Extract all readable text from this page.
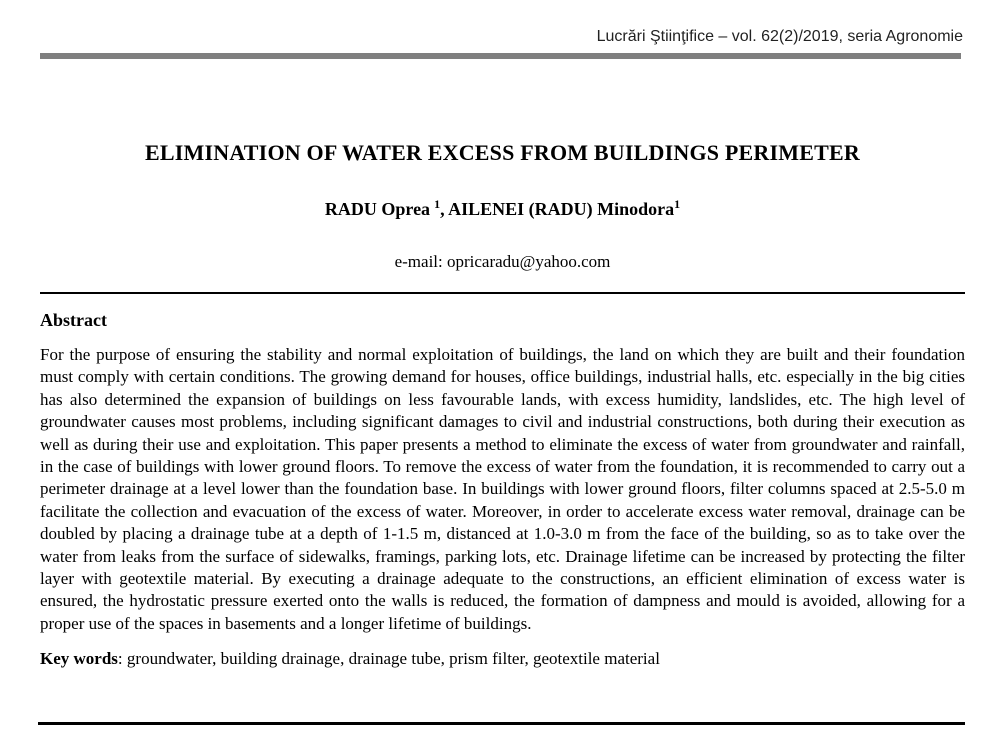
Lucrări Ştiinţifice – vol. 62(2)/2019, seria Agronomie
ELIMINATION OF WATER EXCESS FROM BUILDINGS PERIMETER
RADU Oprea $^1$, AILENEI (RADU) Minodora$^1$
e-mail: opricaradu@yahoo.com
Abstract
For the purpose of ensuring the stability and normal exploitation of buildings, the land on which they are built and their foundation must comply with certain conditions. The growing demand for houses, office buildings, industrial halls, etc. especially in the big cities has also determined the expansion of buildings on less favourable lands, with excess humidity, landslides, etc. The high level of groundwater causes most problems, including significant damages to civil and industrial constructions, both during their execution as well as during their use and exploitation. This paper presents a method to eliminate the excess of water from groundwater and rainfall, in the case of buildings with lower ground floors. To remove the excess of water from the foundation, it is recommended to carry out a perimeter drainage at a level lower than the foundation base. In buildings with lower ground floors, filter columns spaced at 2.5-5.0 m facilitate the collection and evacuation of the excess of water. Moreover, in order to accelerate excess water removal, drainage can be doubled by placing a drainage tube at a depth of 1-1.5 m, distanced at 1.0-3.0 m from the face of the building, so as to take over the water from leaks from the surface of sidewalks, framings, parking lots, etc. Drainage lifetime can be increased by protecting the filter layer with geotextile material. By executing a drainage adequate to the constructions, an efficient elimination of excess water is ensured, the hydrostatic pressure exerted onto the walls is reduced, the formation of dampness and mould is avoided, allowing for a proper use of the spaces in basements and a longer lifetime of buildings.
Key words: groundwater, building drainage, drainage tube, prism filter, geotextile material
